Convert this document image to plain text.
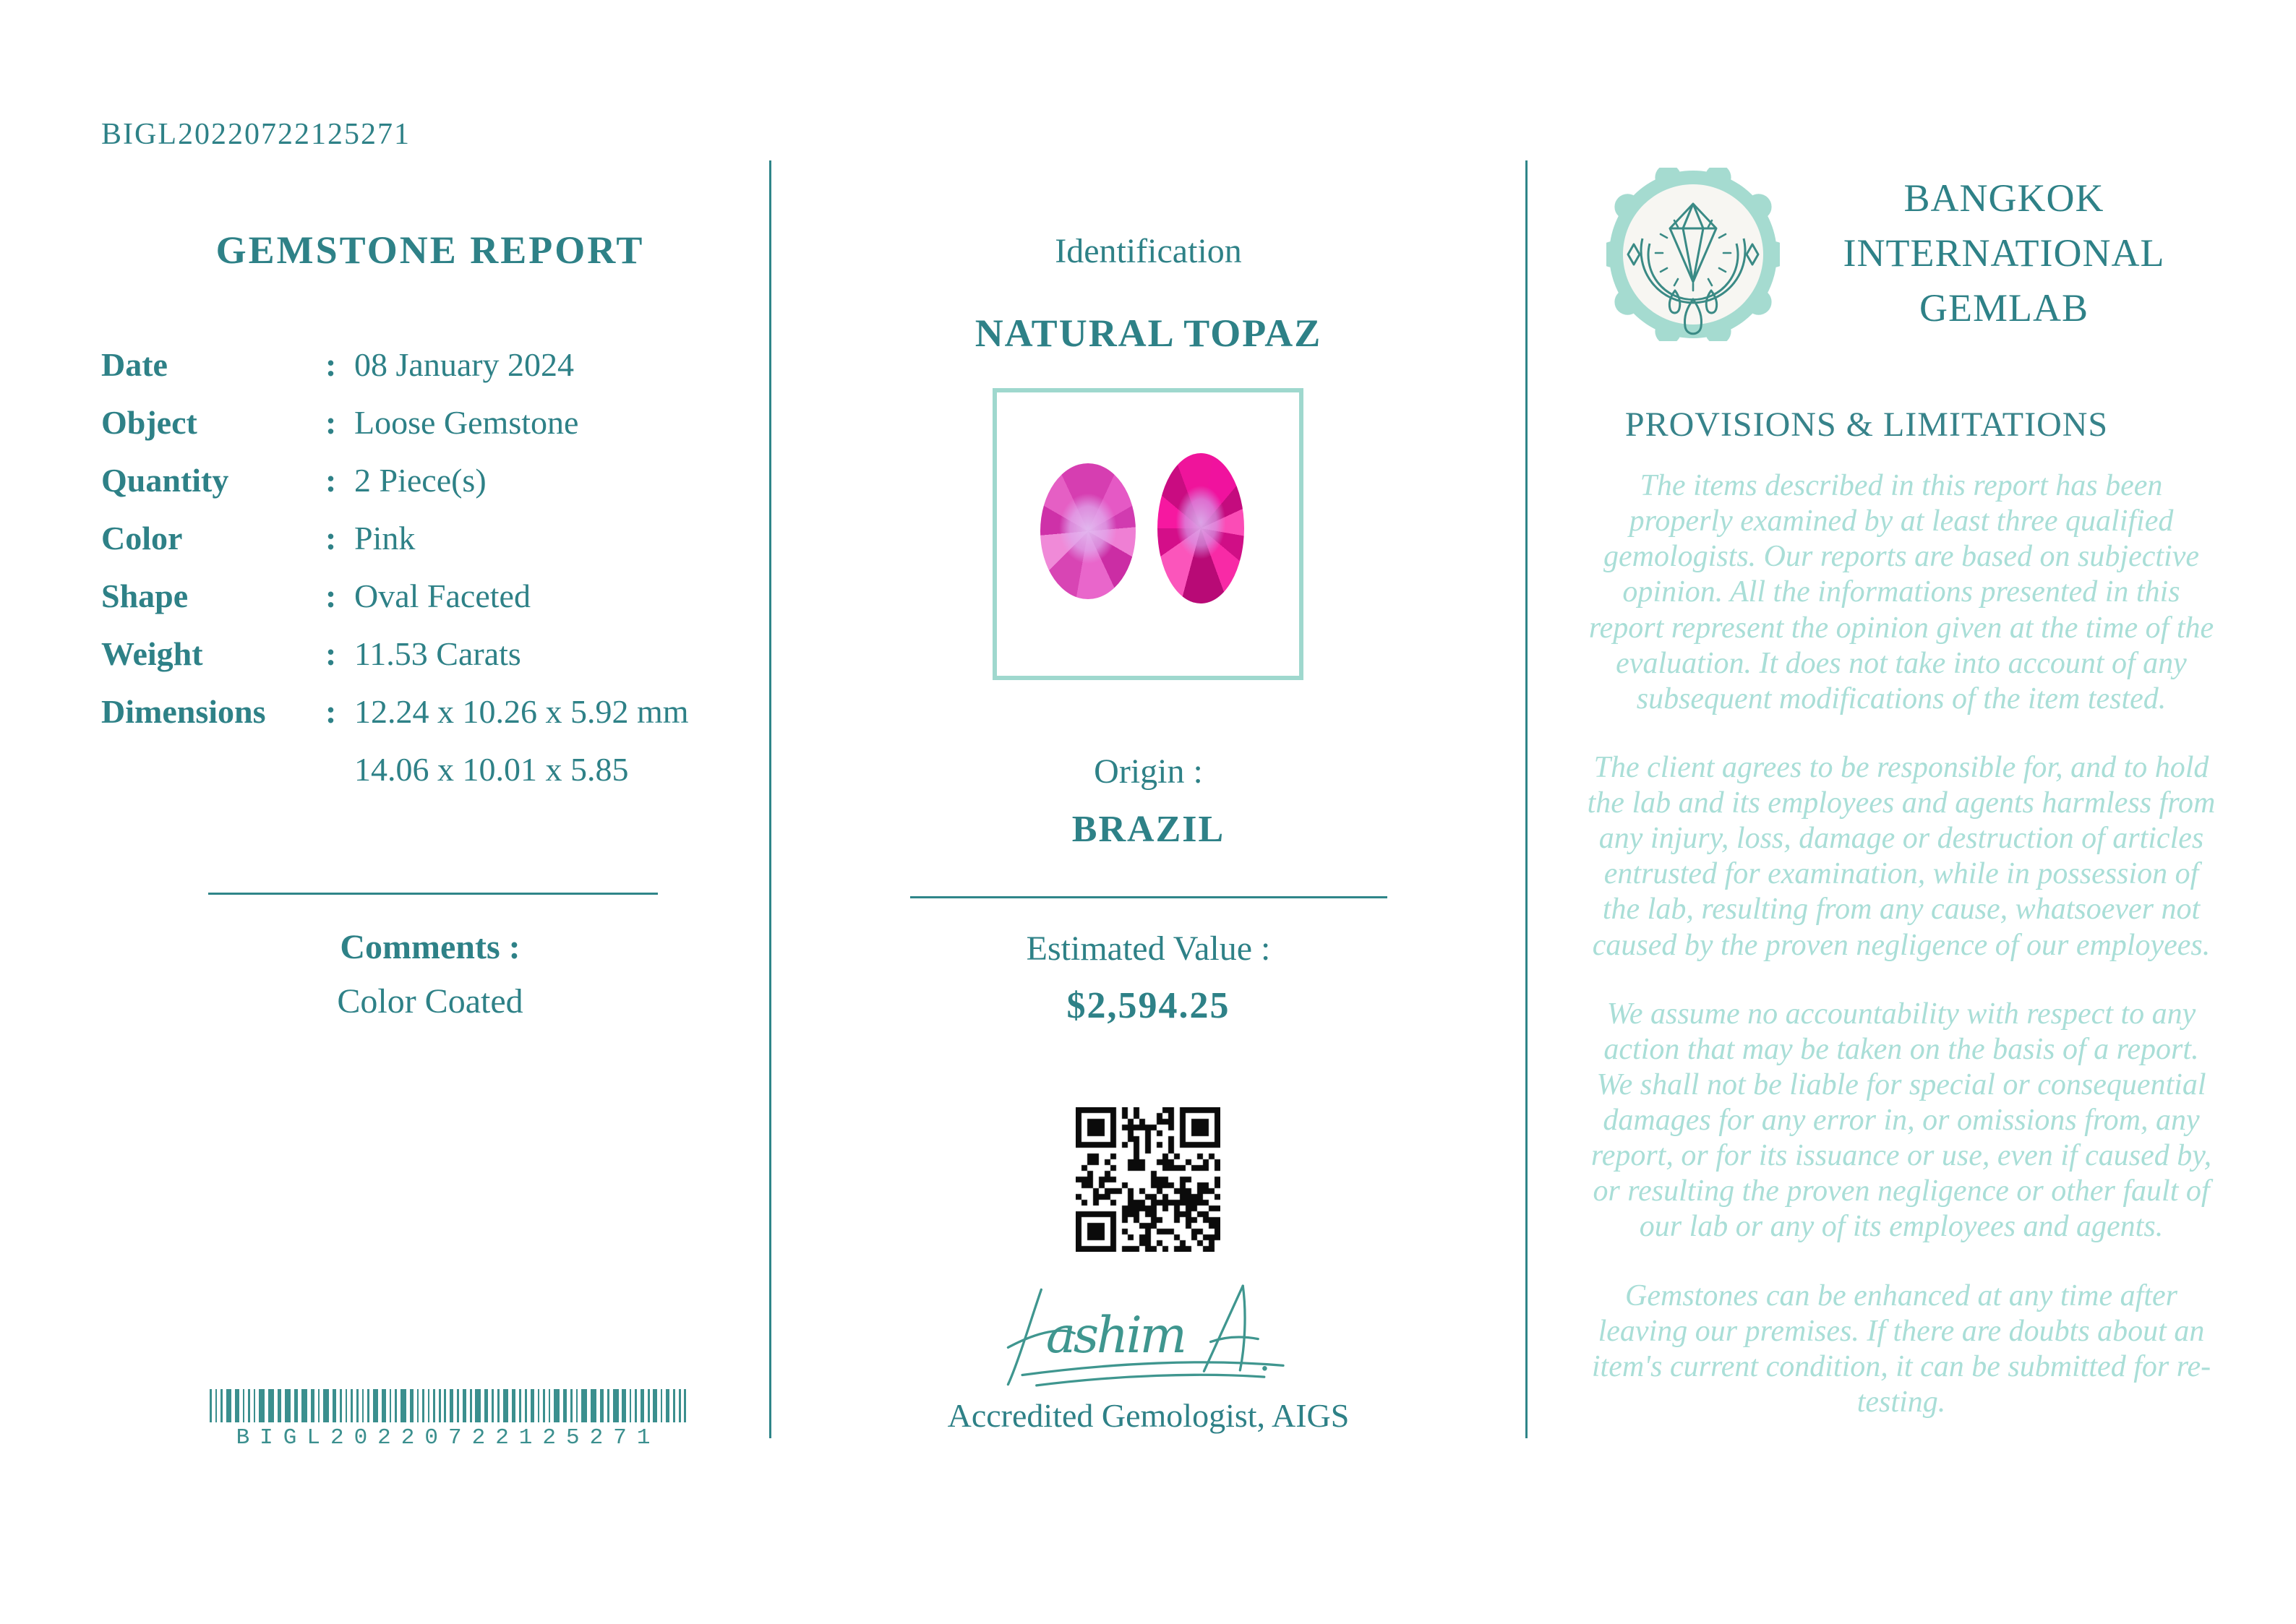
BIGL20220722125271
GEMSTONE REPORT
Date	: 08 January 2024
Object	: Loose Gemstone
Quantity	: 2 Piece(s)
Color	: Pink
Shape	: Oval Faceted
Weight	: 11.53 Carats
Dimensions	: 12.24 x 10.26 x 5.92 mm
14.06 x 10.01 x 5.85
Comments :
Color Coated
BIGL20220722125271
Identification
NATURAL TOPAZ
Origin :
BRAZIL
Estimated Value :
$2,594.25
ashim
Accredited Gemologist, AIGS
BANGKOK
INTERNATIONAL
GEMLAB
PROVISIONS & LIMITATIONS

The items described in this report has been properly examined by at least three qualified gemologists. Our reports are based on subjective opinion. All the informations presented in this report represent the opinion given at the time of the evaluation. It does not take into account of any subsequent modifications of the item tested.

The client agrees to be responsible for, and to hold the lab and its employees and agents harmless from any injury, loss, damage or destruction of articles entrusted for examination, while in possession of the lab, resulting from any cause, whatsoever not caused by the proven negligence of our employees.

We assume no accountability with respect to any action that may be taken on the basis of a report. We shall not be liable for special or consequential damages for any error in, or omissions from, any report, or for its issuance or use, even if caused by, or resulting the proven negligence or other fault of our lab or any of its employees and agents.

Gemstones can be enhanced at any time after leaving our premises. If there are doubts about an item's current condition, it can be submitted for re-testing.
